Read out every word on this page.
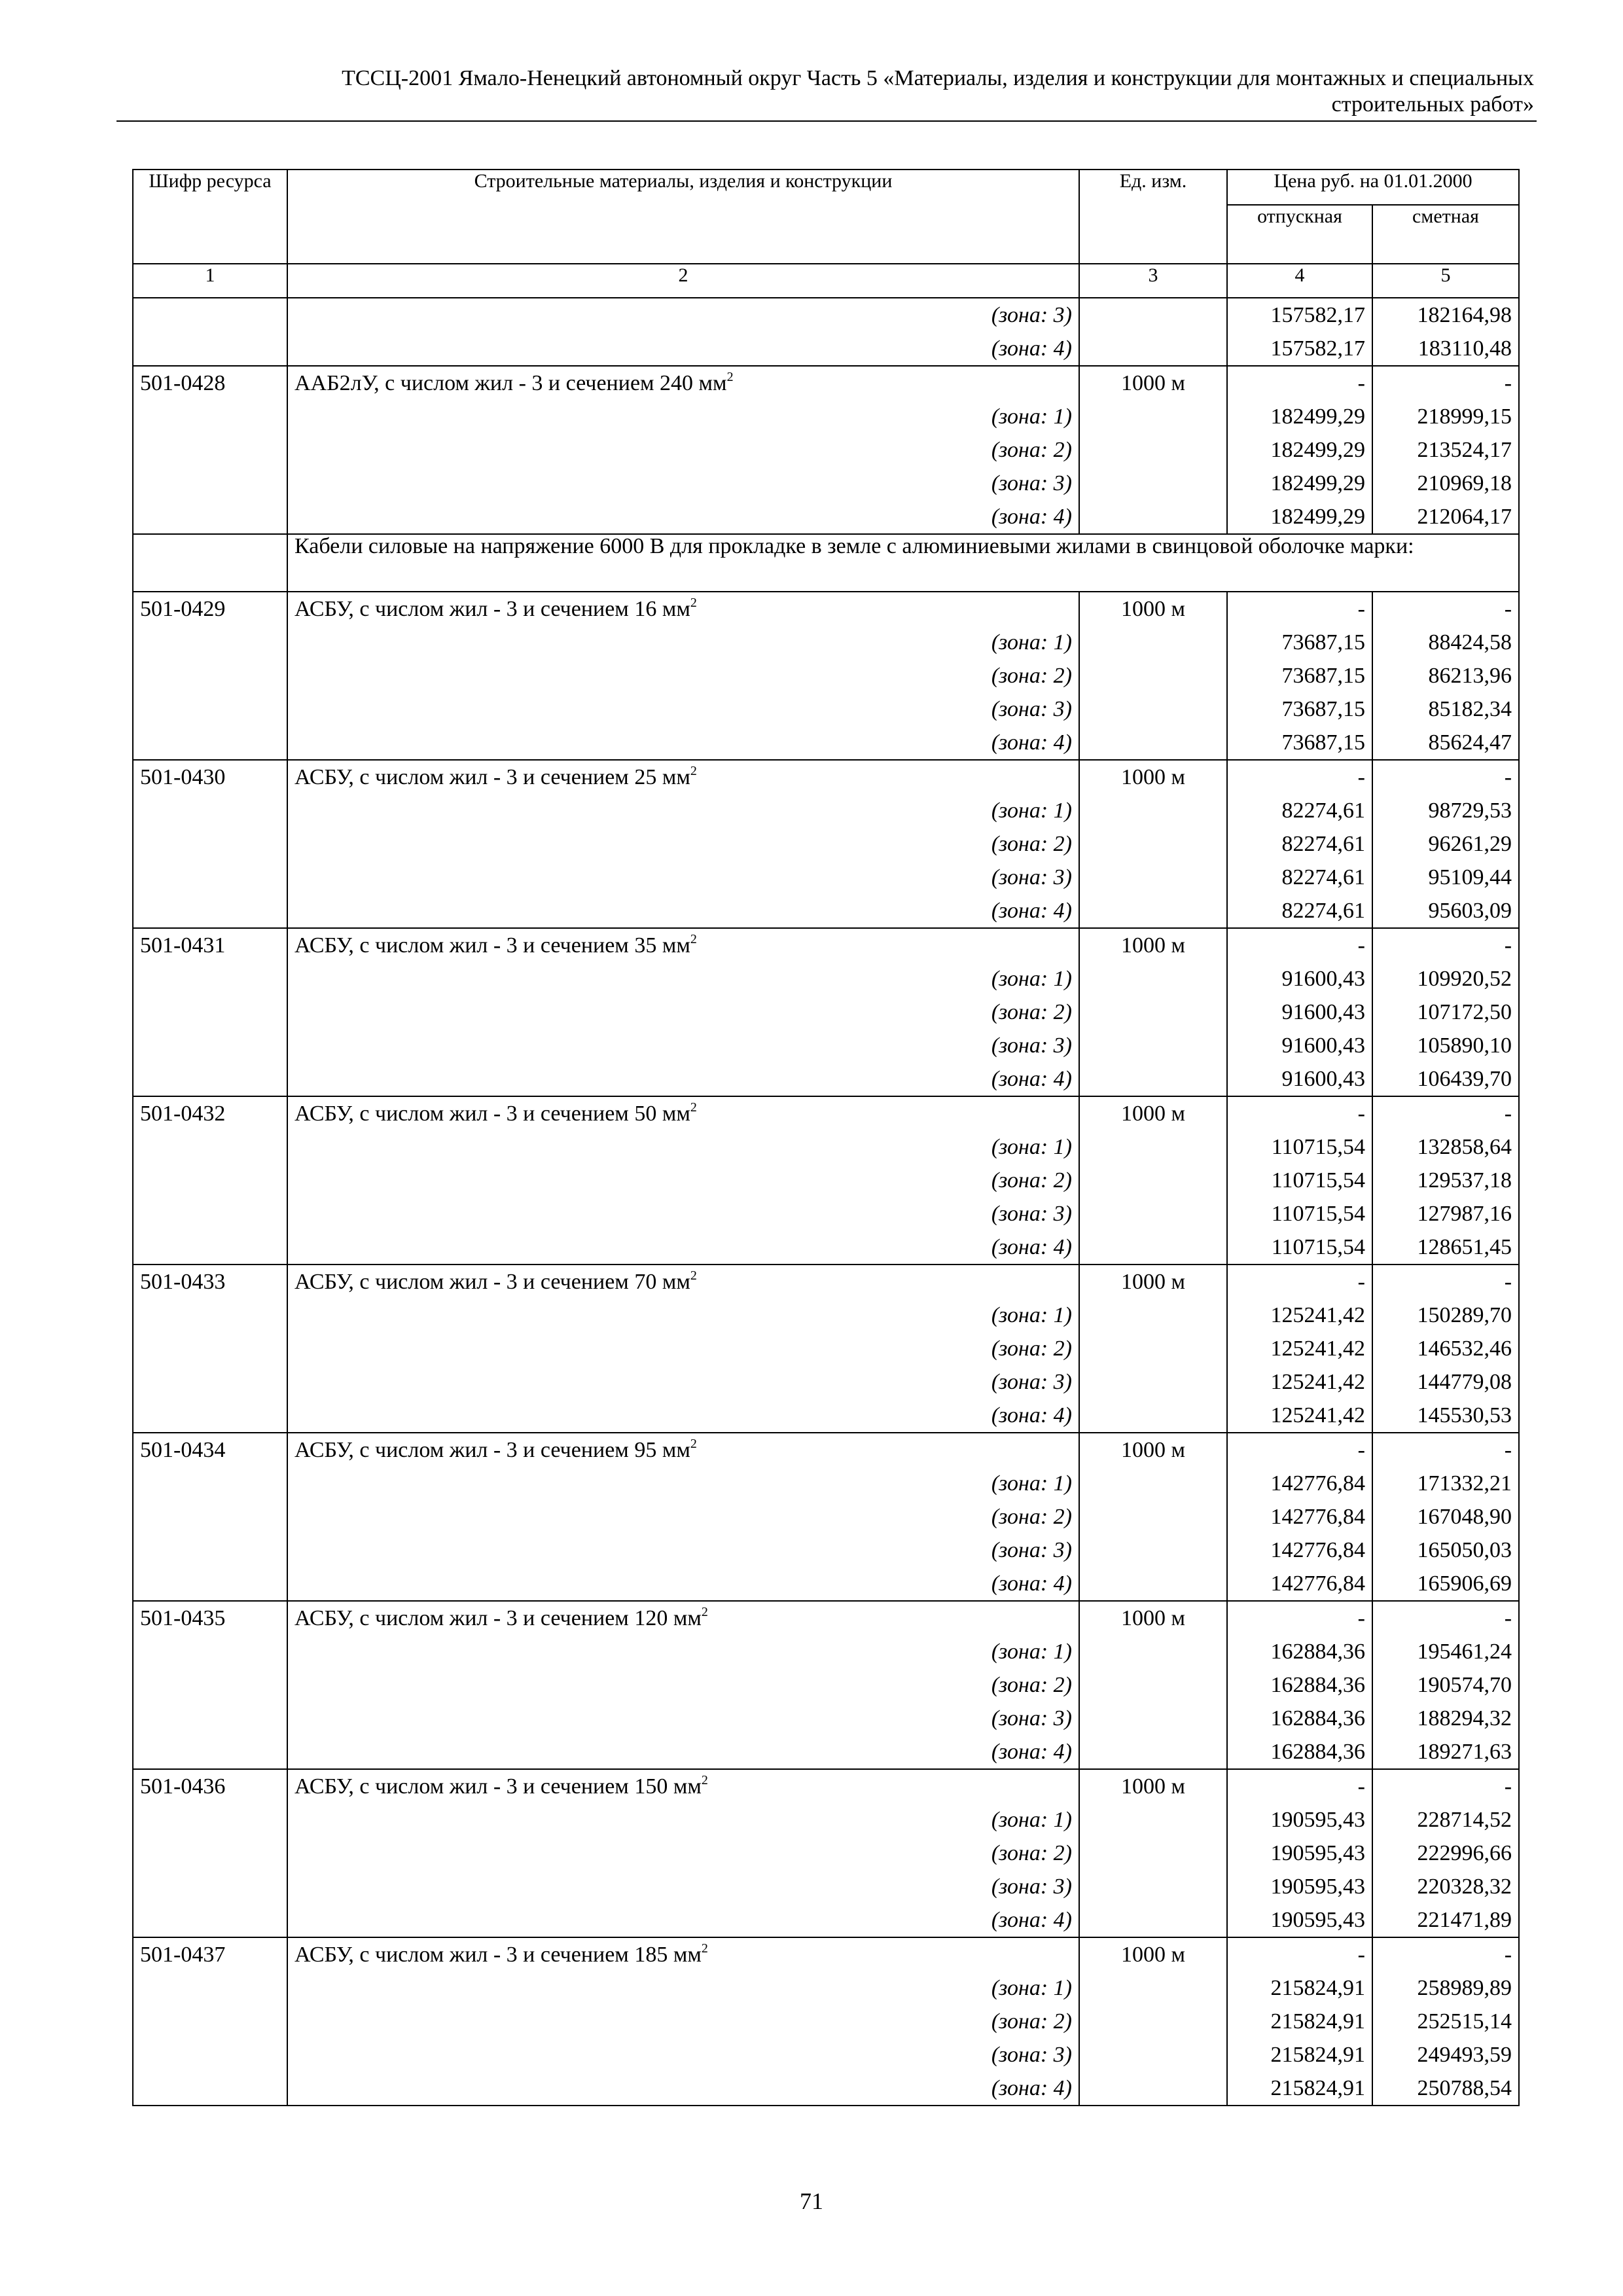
ТССЦ-2001 Ямало-Ненецкий автономный округ Часть 5 «Материалы, изделия и конструкции для монтажных и специальных
строительных работ»
Шифр ресурса	Строительные материалы, изделия и конструкции	Ед. изм.	Цена руб. на 01.01.2000	
			отпускная	сметная
1	2	3	4	5
	(зона: 3)		157582,17	182164,98
	(зона: 4)		157582,17	183110,48
501-0428	ААБ2лУ, с числом жил - 3 и сечением 240 $мм^2$	1000 м	-	-
	(зона: 1)		182499,29	218999,15
	(зона: 2)		182499,29	213524,17
	(зона: 3)		182499,29	210969,18
	(зона: 4)		182499,29	212064,17
	Кабели силовые на напряжение 6000 В для прокладке в земле с алюминиевыми жилами в свинцовой оболочке марки:			
501-0429	АСБУ, с числом жил - 3 и сечением 16 $мм^2$	1000 м	-	-
	(зона: 1)		73687,15	88424,58
	(зона: 2)		73687,15	86213,96
	(зона: 3)		73687,15	85182,34
	(зона: 4)		73687,15	85624,47
501-0430	АСБУ, с числом жил - 3 и сечением 25 $мм^2$	1000 м	-	-
	(зона: 1)		82274,61	98729,53
	(зона: 2)		82274,61	96261,29
	(зона: 3)		82274,61	95109,44
	(зона: 4)		82274,61	95603,09
501-0431	АСБУ, с числом жил - 3 и сечением 35 $мм^2$	1000 м	-	-
	(зона: 1)		91600,43	109920,52
	(зона: 2)		91600,43	107172,50
	(зона: 3)		91600,43	105890,10
	(зона: 4)		91600,43	106439,70
501-0432	АСБУ, с числом жил - 3 и сечением 50 $мм^2$	1000 м	-	-
	(зона: 1)		110715,54	132858,64
	(зона: 2)		110715,54	129537,18
	(зона: 3)		110715,54	127987,16
	(зона: 4)		110715,54	128651,45
501-0433	АСБУ, с числом жил - 3 и сечением 70 $мм^2$	1000 м	-	-
	(зона: 1)		125241,42	150289,70
	(зона: 2)		125241,42	146532,46
	(зона: 3)		125241,42	144779,08
	(зона: 4)		125241,42	145530,53
501-0434	АСБУ, с числом жил - 3 и сечением 95 $мм^2$	1000 м	-	-
	(зона: 1)		142776,84	171332,21
	(зона: 2)		142776,84	167048,90
	(зона: 3)		142776,84	165050,03
	(зона: 4)		142776,84	165906,69
501-0435	АСБУ, с числом жил - 3 и сечением 120 $мм^2$	1000 м	-	-
	(зона: 1)		162884,36	195461,24
	(зона: 2)		162884,36	190574,70
	(зона: 3)		162884,36	188294,32
	(зона: 4)		162884,36	189271,63
501-0436	АСБУ, с числом жил - 3 и сечением 150 $мм^2$	1000 м	-	-
	(зона: 1)		190595,43	228714,52
	(зона: 2)		190595,43	222996,66
	(зона: 3)		190595,43	220328,32
	(зона: 4)		190595,43	221471,89
501-0437	АСБУ, с числом жил - 3 и сечением 185 $мм^2$	1000 м	-	-
	(зона: 1)		215824,91	258989,89
	(зона: 2)		215824,91	252515,14
	(зона: 3)		215824,91	249493,59
	(зона: 4)		215824,91	250788,54
71
